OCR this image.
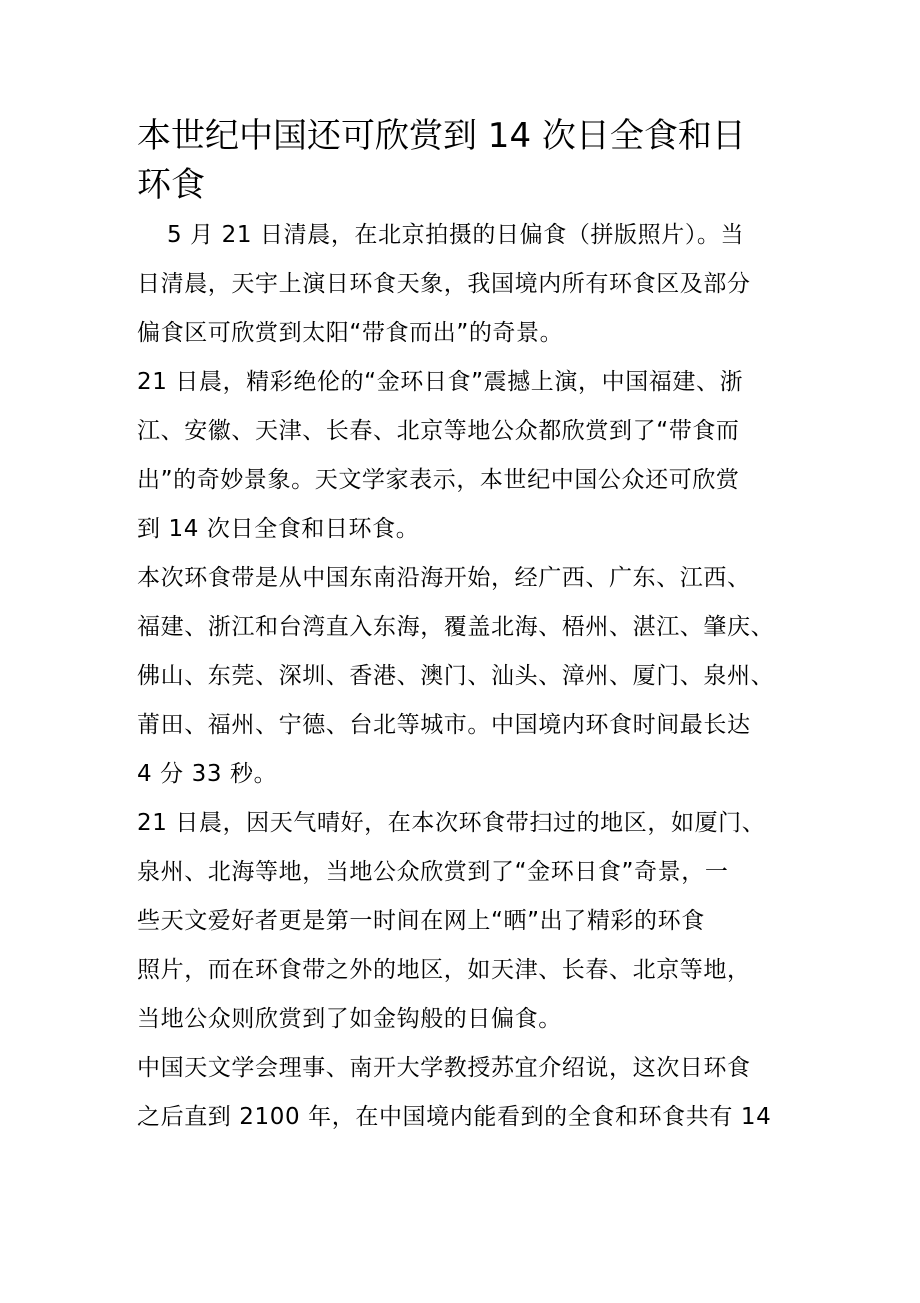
本世纪中国还可欣赏到 14 次日全食和日
环食
5 月 21 日清晨，在北京拍摄的日偏食（拼版照片）。当
日清晨，天宇上演日环食天象，我国境内所有环食区及部分
偏食区可欣赏到太阳“带食而出”的奇景。
21 日晨，精彩绝伦的“金环日食”震撼上演，中国福建、浙
江、安徽、天津、长春、北京等地公众都欣赏到了“带食而
出”的奇妙景象。天文学家表示，本世纪中国公众还可欣赏
到 14 次日全食和日环食。
本次环食带是从中国东南沿海开始，经广西、广东、江西、
福建、浙江和台湾直入东海，覆盖北海、梧州、湛江、肇庆、
佛山、东莞、深圳、香港、澳门、汕头、漳州、厦门、泉州、
莆田、福州、宁德、台北等城市。中国境内环食时间最长达
4 分 33 秒。
21 日晨，因天气晴好，在本次环食带扫过的地区，如厦门、
泉州、北海等地，当地公众欣赏到了“金环日食”奇景，一
些天文爱好者更是第一时间在网上“晒”出了精彩的环食
照片，而在环食带之外的地区，如天津、长春、北京等地，
当地公众则欣赏到了如金钩般的日偏食。
中国天文学会理事、南开大学教授苏宜介绍说，这次日环食
之后直到 2100 年，在中国境内能看到的全食和环食共有 14
